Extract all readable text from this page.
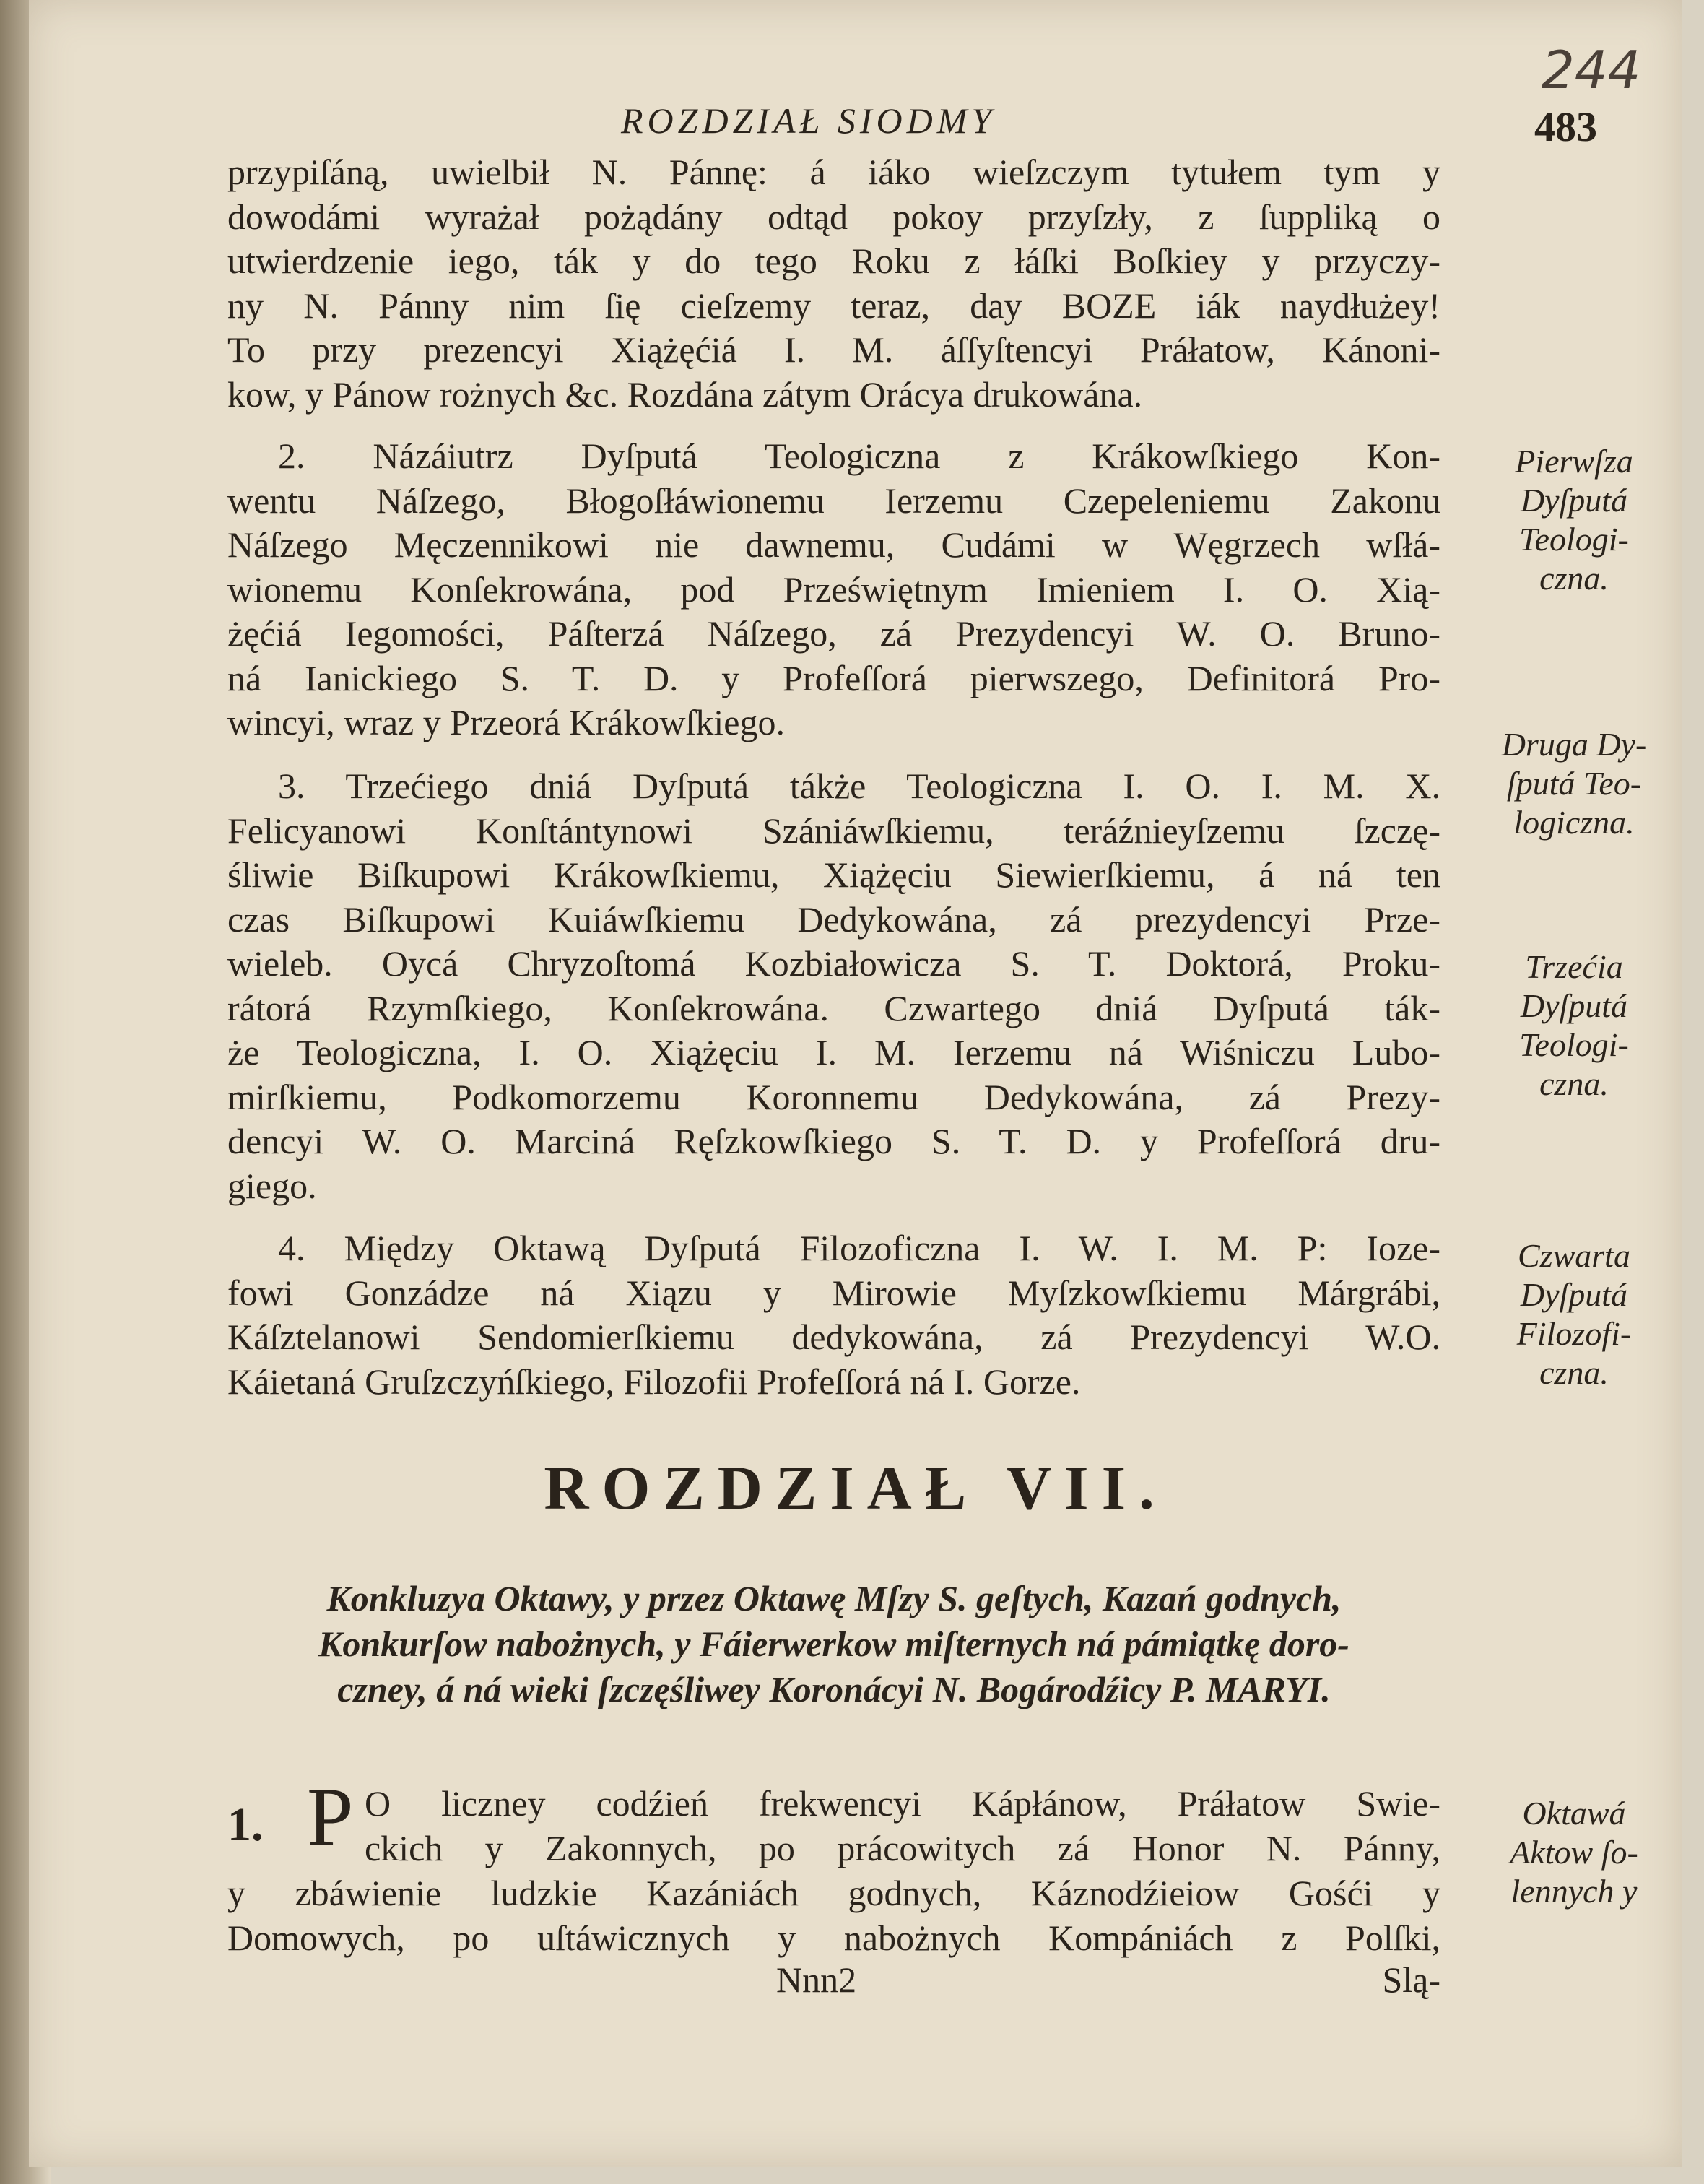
244
ROZDZIAŁ SIODMY	483
przypiſáną, uwielbił N. Pánnę: á iáko wieſzczym tytułem tym y
dowodámi wyrażał pożądány odtąd pokoy przyſzły, z ſuppliką o
utwierdzenie iego, ták y do tego Roku z łáſki Boſkiey y przyczy-
ny N. Pánny nim ſię cieſzemy teraz, day BOZE iák naydłużey!
To przy prezencyi Xiążęćiá I. M. áſſyſtencyi Práłatow, Kánoni-
kow, y Pánow rożnych &c. Rozdána zátym Orácya drukowána.
2. Názáiutrz Dyſputá Teologiczna z Krákowſkiego Kon-
wentu Náſzego, Błogoſłáwionemu Ierzemu Czepeleniemu Zakonu
Náſzego Męczennikowi nie dawnemu, Cudámi w Węgrzech wſłá-
wionemu Konſekrowána, pod Przeświętnym Imieniem I. O. Xią-
żęćiá Iegomości, Páſterzá Náſzego, zá Prezydencyi W. O. Bruno-
ná Ianickiego S. T. D. y Profeſſorá pierwszego, Definitorá Pro-
wincyi, wraz y Przeorá Krákowſkiego.
3. Trzećiego dniá Dyſputá tákże Teologiczna I. O. I. M. X.
Felicyanowi Konſtántynowi Szániáwſkiemu, teráźnieyſzemu ſzczę-
śliwie Biſkupowi Krákowſkiemu, Xiążęciu Siewierſkiemu, á ná ten
czas Biſkupowi Kuiáwſkiemu Dedykowána, zá prezydencyi Prze-
wieleb. Oycá Chryzoſtomá Kozbiałowicza S. T. Doktorá, Proku-
rátorá Rzymſkiego, Konſekrowána. Czwartego dniá Dyſputá ták-
że Teologiczna, I. O. Xiążęciu I. M. Ierzemu ná Wiśniczu Lubo-
mirſkiemu, Podkomorzemu Koronnemu Dedykowána, zá Prezy-
dencyi W. O. Marciná Ręſzkowſkiego S. T. D. y Profeſſorá dru-
giego.
4. Między Oktawą Dyſputá Filozoficzna I. W. I. M. P: Ioze-
fowi Gonzádze ná Xiązu y Mirowie Myſzkowſkiemu Márgrábi,
Káſztelanowi Sendomierſkiemu dedykowána, zá Prezydencyi W.O.
Káietaná Gruſzczyńſkiego, Filozofii Profeſſorá ná I. Gorze.
Pierwſza
Dyſputá
Teologi-
czna.
Druga Dy-
ſputá Teo-
logiczna.
Trzećia
Dyſputá
Teologi-
czna.
Czwarta
Dyſputá
Filozofi-
czna.
Oktawá
Aktow ſo-
lennych y
ROZDZIAŁ VII.
Konkluzya Oktawy, y przez Oktawę Mſzy S. geſtych, Kazań godnych,
Konkurſow nabożnych, y Fáierwerkow miſternych ná pámiątkę doro-
czney, á ná wieki ſzczęśliwey Koronácyi N. Bogárodźicy P. MARYI.
1. P O liczney codźień frekwencyi Kápłánow, Práłatow Swie-
ckich y Zakonnych, po prácowitych zá Honor N. Pánny,
y zbáwienie ludzkie Kazániách godnych, Káznodźieiow Gośći y
Domowych, po uſtáwicznych y nabożnych Kompániách z Polſki,
Nnn2	Slą-
